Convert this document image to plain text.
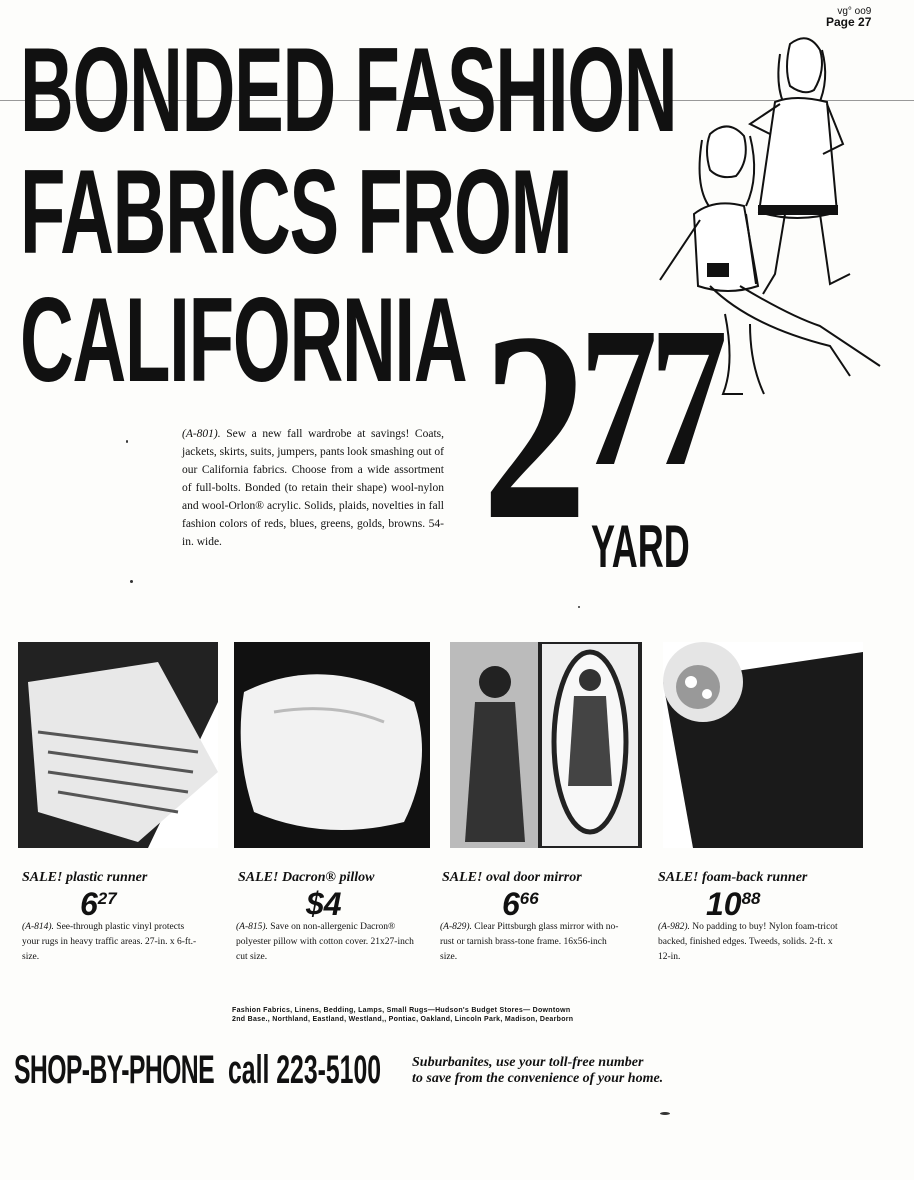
vg° oo9
Page 27
BONDED FASHION
FABRICS FROM
CALIFORNIA $2^{77}$
YARD
(A-801). Sew a new fall wardrobe at savings! Coats, jackets, skirts, suits, jumpers, pants look smashing out of our California fabrics. Choose from a wide assortment of full-bolts. Bonded (to retain their shape) wool-nylon and wool-Orlon® acrylic. Solids, plaids, novelties in fall fashion colors of reds, blues, greens, golds, browns. 54-in. wide.
SALE! plastic runner
$6^{27}$
(A-814). See-through plastic vinyl protects your rugs in heavy traffic areas. 27-in. x 6-ft.-size.
SALE! Dacron® pillow
$4
(A-815). Save on non-allergenic Dacron® polyester pillow with cotton cover. 21x27-inch cut size.
SALE! oval door mirror
$6^{66}$
(A-829). Clear Pittsburgh glass mirror with no-rust or tarnish brass-tone frame. 16x56-inch size.
SALE! foam-back runner
$10^{88}$
(A-982). No padding to buy! Nylon foam-tricot backed, finished edges. Tweeds, solids. 2-ft. x 12-in.
Fashion Fabrics, Linens, Bedding, Lamps, Small Rugs—Hudson's Budget Stores— Downtown
2nd Base., Northland, Eastland, Westland,, Pontiac, Oakland, Lincoln Park, Madison, Dearborn
SHOP-BY-PHONE call 223-5100 Suburbanites, use your toll-free number
to save from the convenience of your home.
